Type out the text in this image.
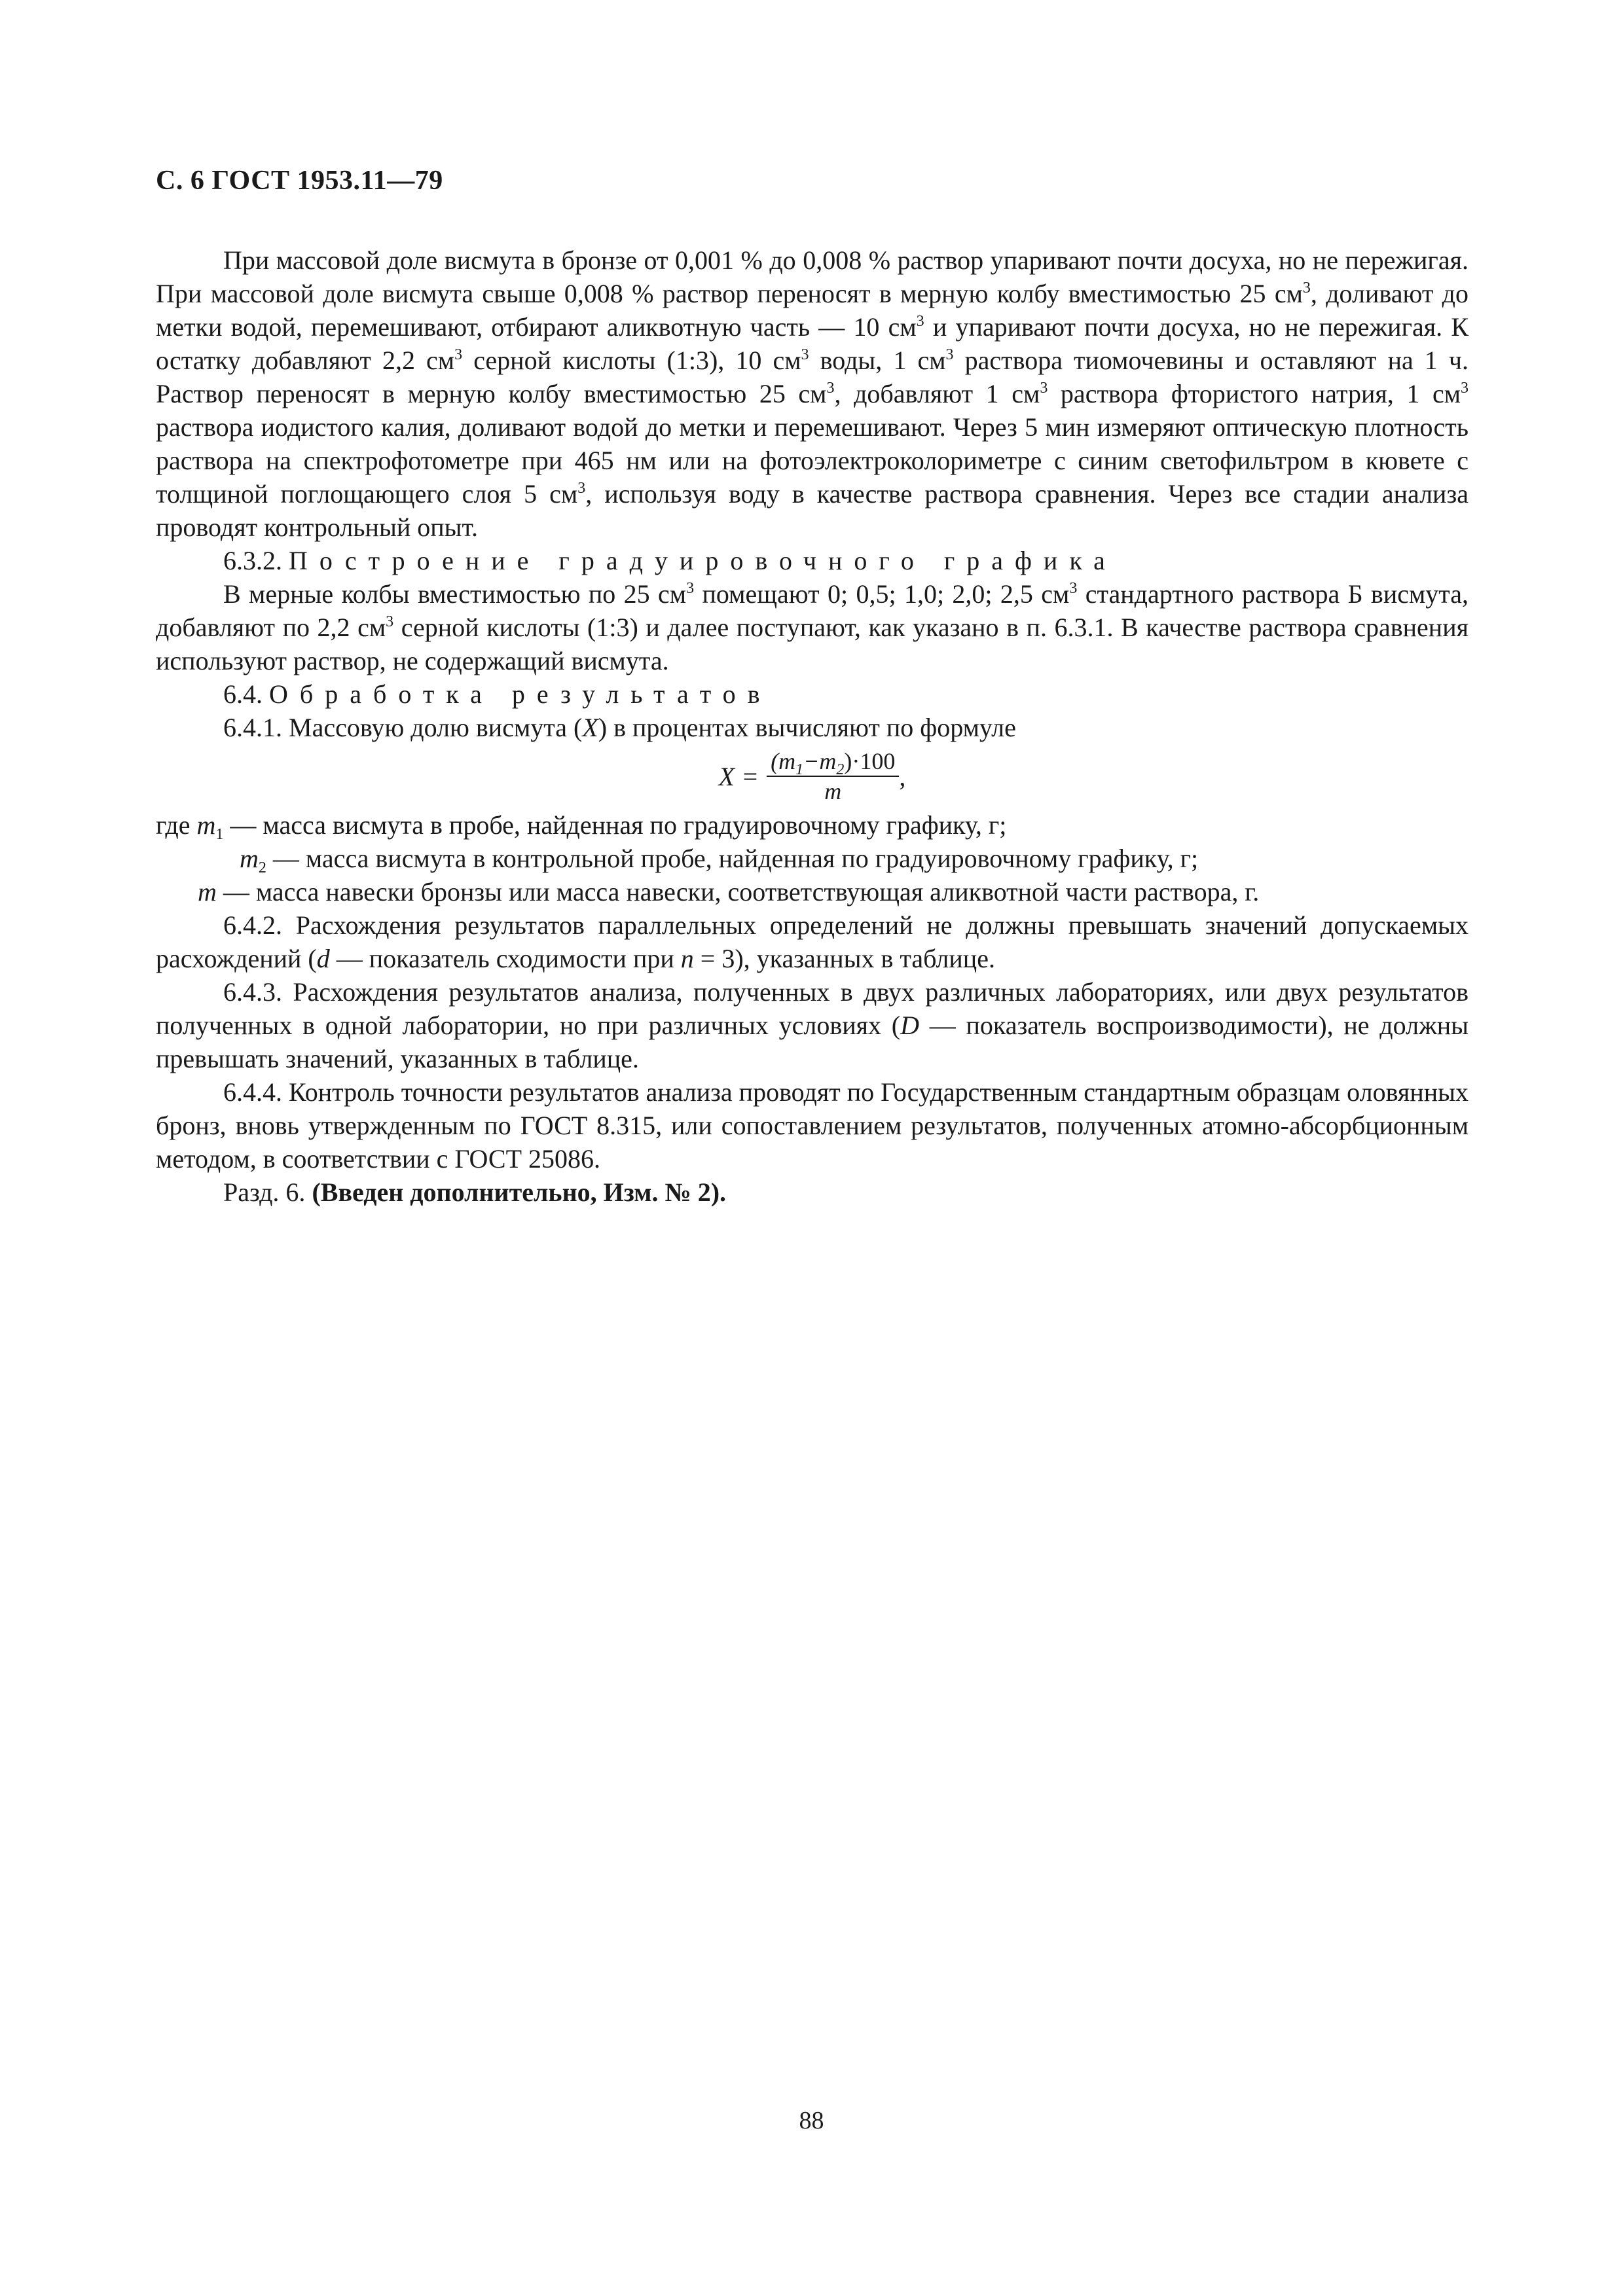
С. 6 ГОСТ 1953.11—79

При массовой доле висмута в бронзе от 0,001 % до 0,008 % раствор упаривают почти досуха, но не пережигая. При массовой доле висмута свыше 0,008 % раствор переносят в мерную колбу вместимостью 25 $см^3$, доливают до метки водой, перемешивают, отбирают аликвотную часть — 10 $см^3$ и упаривают почти досуха, но не пережигая. К остатку добавляют 2,2 $см^3$ серной кислоты (1:3), 10 $см^3$ воды, 1 $см^3$ раствора тиомочевины и оставляют на 1 ч. Раствор переносят в мерную колбу вместимостью 25 $см^3$, добавляют 1 $см^3$ раствора фтористого натрия, 1 $см^3$ раствора иодистого калия, доливают водой до метки и перемешивают. Через 5 мин измеряют оптическую плотность раствора на спектрофотометре при 465 нм или на фотоэлектроколориметре с синим светофильтром в кювете с толщиной поглощающего слоя 5 $см^3$, используя воду в качестве раствора сравнения. Через все стадии анализа проводят контрольный опыт.

6.3.2. Построение градуировочного графика

В мерные колбы вместимостью по 25 $см^3$ помещают 0; 0,5; 1,0; 2,0; 2,5 $см^3$ стандартного раствора Б висмута, добавляют по 2,2 $см^3$ серной кислоты (1:3) и далее поступают, как указано в п. 6.3.1. В качестве раствора сравнения используют раствор, не содержащий висмута.

6.4. Обработка результатов

6.4.1. Массовую долю висмута (X) в процентах вычисляют по формуле

$X = \frac{(m_1-m_2)\cdot 100}{m}$ ,

где $m_1$ — масса висмута в пробе, найденная по градуировочному графику, г;

$m_2$ — масса висмута в контрольной пробе, найденная по градуировочному графику, г;

m — масса навески бронзы или масса навески, соответствующая аликвотной части раствора, г.

6.4.2. Расхождения результатов параллельных определений не должны превышать значений допускаемых расхождений (d — показатель сходимости при n = 3), указанных в таблице.

6.4.3. Расхождения результатов анализа, полученных в двух различных лабораториях, или двух результатов полученных в одной лаборатории, но при различных условиях (D — показатель воспроизводимости), не должны превышать значений, указанных в таблице.

6.4.4. Контроль точности результатов анализа проводят по Государственным стандартным образцам оловянных бронз, вновь утвержденным по ГОСТ 8.315, или сопоставлением результатов, полученных атомно-абсорбционным методом, в соответствии с ГОСТ 25086.

Разд. 6. (Введен дополнительно, Изм. № 2).

88
